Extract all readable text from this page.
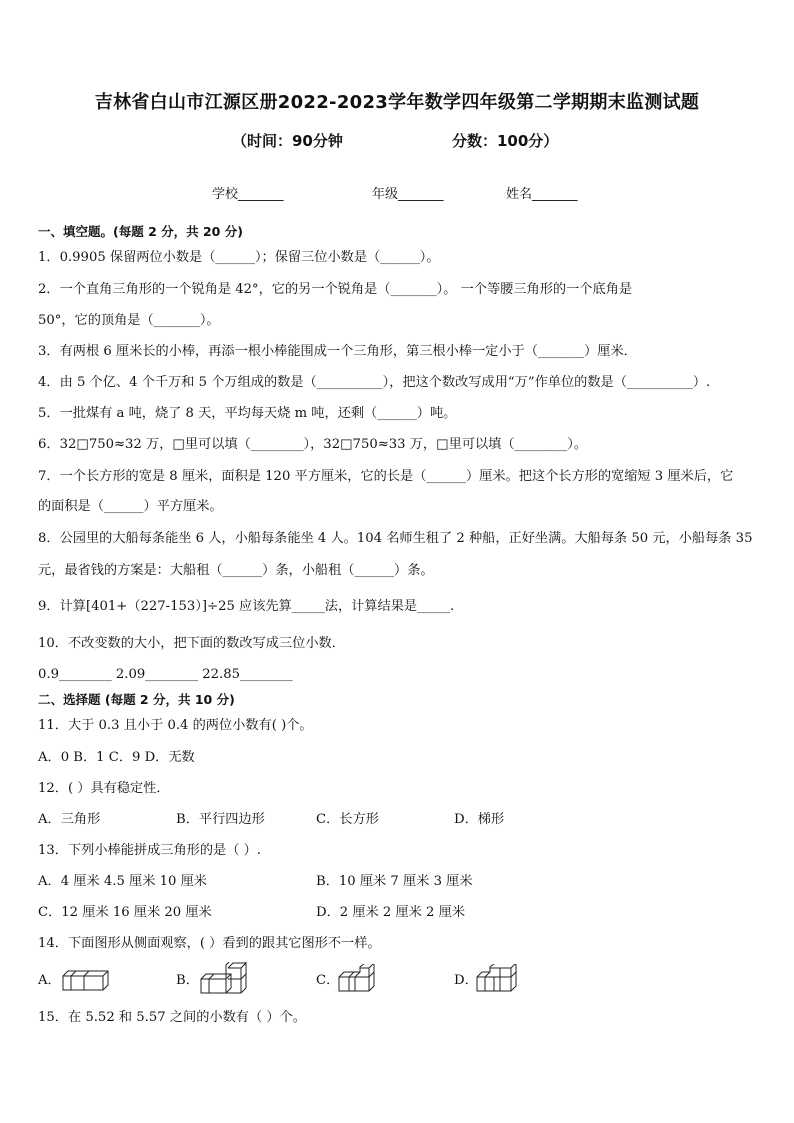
吉林省白山市江源区册2022-2023学年数学四年级第二学期期末监测试题
（时间：90分钟	分数：100分）
学校_______	年级_______	姓名_______
一、填空题。(每题 2 分，共 20 分)
1．0.9905 保留两位小数是（______）；保留三位小数是（______）。
2．一个直角三角形的一个锐角是 42°，它的另一个锐角是（_______）。 一个等腰三角形的一个底角是
50°，它的顶角是（_______）。
3．有两根 6 厘米长的小棒，再添一根小棒能围成一个三角形，第三根小棒一定小于（_______）厘米．
4．由 5 个亿、4 个千万和 5 个万组成的数是（__________），把这个数改写成用“万”作单位的数是（__________）.
5．一批煤有 a 吨，烧了 8 天，平均每天烧 m 吨，还剩（______）吨。
6．32□750≈32 万，□里可以填（________），32□750≈33 万，□里可以填（________）。
7．一个长方形的宽是 8 厘米，面积是 120 平方厘米，它的长是（______）厘米。把这个长方形的宽缩短 3 厘米后，它
的面积是（______）平方厘米。
8．公园里的大船每条能坐 6 人，小船每条能坐 4 人。104 名师生租了 2 种船，正好坐满。大船每条 50 元，小船每条 35
元，最省钱的方案是：大船租（______）条，小船租（______）条。
9．计算[401+（227-153）]÷25 应该先算_____法，计算结果是_____.
10．不改变数的大小，把下面的数改写成三位小数．
0.9________ 2.09________ 22.85________
二、选择题 (每题 2 分，共 10 分)
11．大于 0.3 且小于 0.4 的两位小数有( )个。
A．0 B．1 C．9 D．无数
12．( ）具有稳定性．
A．三角形	B．平行四边形	C．长方形	D．梯形
13．下列小棒能拼成三角形的是（ ）.
A．4 厘米 4.5 厘米 10 厘米	B．10 厘米 7 厘米 3 厘米
C．12 厘米 16 厘米 20 厘米	D．2 厘米 2 厘米 2 厘米
14．下面图形从侧面观察，( ）看到的跟其它图形不一样。
A．	B．	C．	D．
15．在 5.52 和 5.57 之间的小数有（ ）个。
